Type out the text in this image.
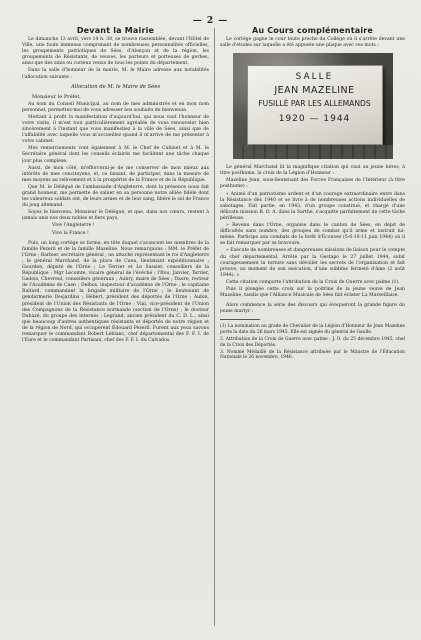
— 2 —
Devant la Mairie

Le dimanche 13 avril, vers 14 h. 30, se trouve rassemblée, devant l'Hôtel de Ville, une foule immense comprenant de nombreuses personnalités officielles, les groupements patriotiques de Sées, d'Alençon et de la région, les groupements de Résistants, de veuves, les porteurs et porteuses de gerbes, ainsi que des amis ou curieux venus de tous les points du département.

Dans la salle d'honneur de la mairie, M. le Maire adresse aux notabilités l'allocution suivante :

Allocution de M. le Maire de Sées

Monsieur le Préfet,

Au nom du Conseil Municipal, au nom de mes administrés et en mon nom personnel, permettez-moi de vous adresser nos souhaits de bienvenue.

Mettant à profit la manifestation d'aujourd'hui, qui nous vaut l'honneur de votre visite, il m'est tout particulièrement agréable de vous renouveler bien sincèrement à l'instant que vous manifestiez à la ville de Sées, ainsi que de l'affabilité avec laquelle vous m'accueillez quand il m'arrive de me présenter à votre cabinet.

Mes remerciements vont également à M. le Chef de Cabinet et à M. le Secrétaire général dont les conseils éclairés me facilitent une tâche chaque jour plus complexe.

Aussi, de mon côté, m'efforcerai-je de me conserver de mon mieux aux intérêts de mes concitoyens, et, ce faisant, de participer, dans la mesure de mes moyens au relèvement et à la prospérité de la France et de la République.

Que M. le Délégué de l'ambassade d'Angleterre, dont la présence nous fait grand honneur, me permette de saluer en sa personne notre alliée fidèle dont les valeureux soldats ont, de leurs armes et de leur sang, libéré le sol de France du joug allemand.

Soyez le bienvenu, Monsieur le Délégué, et que, dans nos cœurs, restent à jamais unis nos deux nobles et fiers pays,

Vive l'Angleterre !

Vive la France !

Puis, un long cortège se forme, en tête duquel s'avancent les membres de la famille Pezeril et de la famille Mazeline. Nous remarquons : MM. le Préfet de l'Orne ; Barbier, secrétaire général ; un attaché représentant le roi d'Angleterre ; le général Marchand, de la place de Caen, lieutenant expéditionnaire ; Gourden, député de l'Orne ; Le Terrier et Le Sassier, conseillers de la République ; Mgr Lecomte, vicaire général de l'évêché ; l'Ifou, Janvier, Terrier, Gadois, Chevreul, conseillers généraux ; Aubry, maire de Sées ; Daure, recteur de l'Académie de Caen ; Delbos, inspecteur d'académie de l'Orne ; le capitaine Raitard, commandant la brigade militaire de l'Orne ; le lieutenant de gendarmerie Desjardins ; Hébert, président des déportés de l'Orne ; Aubin, président de l'Union des Résistants de l'Orne ; Vial, vice-président de l'Union des Compagnons de la Résistance normande (section de l'Orne) ; le docteur Duhazé, du groupe des internés ; Legrand, ancien président du C. D. L., ainsi que beaucoup d'autres authentiques résistants et déportés de notre région et de la région de Nord, qui occupèrent Édouard Pezeril. Furent aux yeux savons remarquer le commandant Robert Leblanc, chef départemental des F. F. I. de l'Eure et le commandant Partisani, chef des F. F. I. du Calvados.

Au Cours complémentaire

Le cortège gagne le cour toute proche du Collège où il s'arrête devant une salle d'études sur laquelle a été apposée une plaque avec ces mots :

SALLE
JEAN MAZELINE
FUSILLÉ PAR LES ALLEMANDS
1920 — 1944

Le général Marchand lit la magnifique citation qui vaut au jeune héros, à titre posthume, la croix de la Légion d'Honneur :

Mazeline Jean, sous-lieutenant des Forces Françaises de l'Intérieur (à titre posthume) :

« Animé d'un patriotisme ardent et d'un courage extraordinaire entre dans la Résistance dès 1940 et se livre à de nombreuses actions individuelles de sabotages. Fait partie, en 1943, d'un groupe constitué, et chargé d'une délicate mission B. O. A. dans la Sarthe, s'acquitte parfaitement de cette tâche périlleuse.

» Revenu dans l'Orne, organise dans le canton de Sées, en dépit de difficultés sans nombre, des groupes de combat qu'il arme et instruit lui-même. Participe aux combats de la forêt d'Écouves (5-6-10-11 juin 1944) où il se fait remarquer par sa bravoure.

» Exécute de nombreuses et dangereuses missions de liaison pour le compte du chef départemental. Arrêté par la Gestapo le 27 juillet 1944, subit courageusement la torture sans dévoiler les secrets de l'organisation et fait preuve, au moment de son exécution, d'une sublime fermeté d'âme (2 août 1944). »

Cette citation comporte l'attribution de la Croix de Guerre avec palme (1).

Puis il plongée cette croix sur la poitrine de la jeune veuve de Jean Mazeline, tandis que l'Alliance Musicale de Sées fait éclater La Marseillaise.

Alors commence la série des discours qui évoqueront la grande figure du jeune martyr :

(1) La nomination au grade de Chevalier de la Légion d'Honneur de Jean Mazeline porte la date du 26 mars 1945. Elle est signée du général de Gaulle.

2. Attribution de la Croix de Guerre avec palme : J. O. du 25 décembre 1945, chef de la Croix des Déportés.

3. Nommé Médaillé de la Résistance attribuée par le Ministre de l'Éducation Nationale le 26 novembre, 1946.
